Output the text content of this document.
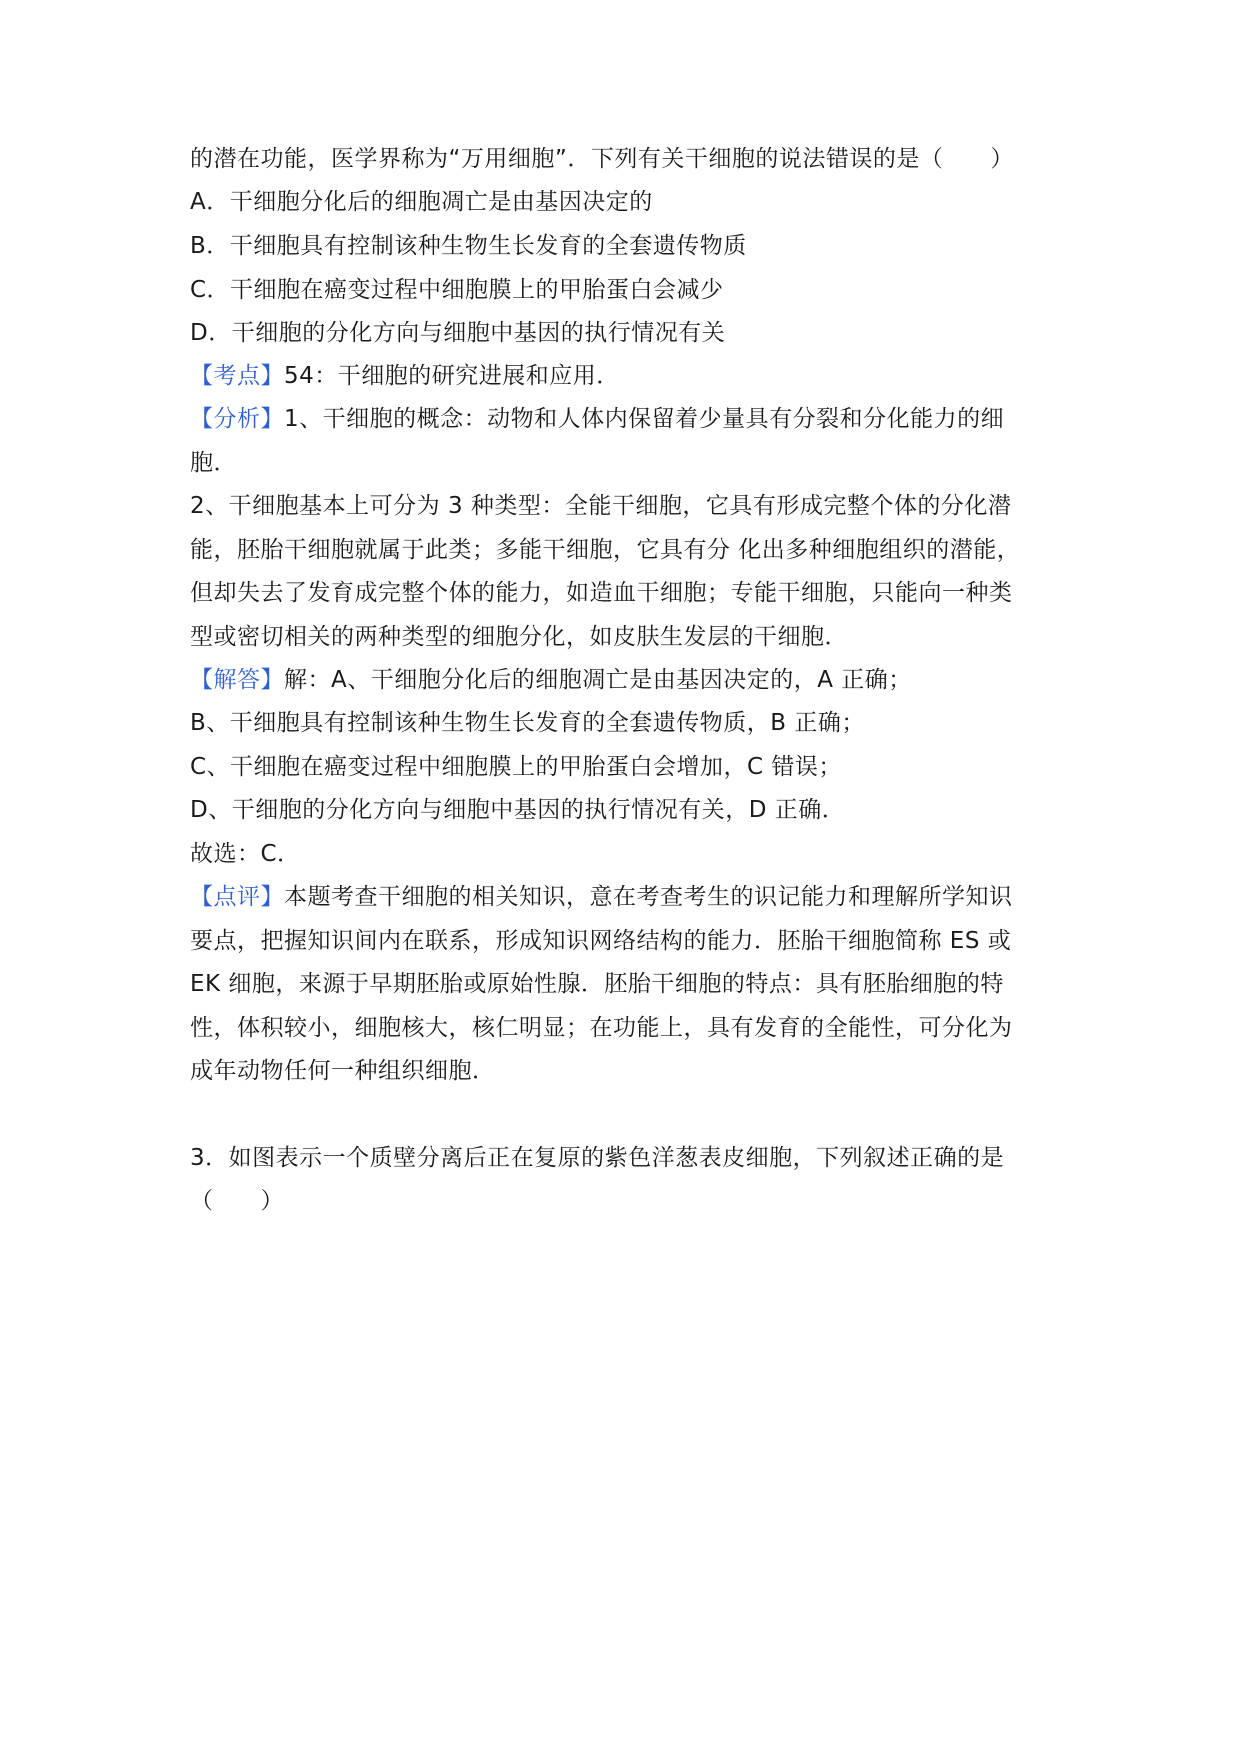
的潜在功能，医学界称为“万用细胞”．下列有关干细胞的说法错误的是（　　）
A．干细胞分化后的细胞凋亡是由基因决定的
B．干细胞具有控制该种生物生长发育的全套遗传物质
C．干细胞在癌变过程中细胞膜上的甲胎蛋白会减少
D．干细胞的分化方向与细胞中基因的执行情况有关
【考点】54：干细胞的研究进展和应用．
【分析】1、干细胞的概念：动物和人体内保留着少量具有分裂和分化能力的细
胞．
2、干细胞基本上可分为 3 种类型：全能干细胞，它具有形成完整个体的分化潜
能，胚胎干细胞就属于此类；多能干细胞，它具有分 化出多种细胞组织的潜能，
但却失去了发育成完整个体的能力，如造血干细胞；专能干细胞，只能向一种类
型或密切相关的两种类型的细胞分化，如皮肤生发层的干细胞．
【解答】解：A、干细胞分化后的细胞凋亡是由基因决定的，A 正确；
B、干细胞具有控制该种生物生长发育的全套遗传物质，B 正确；
C、干细胞在癌变过程中细胞膜上的甲胎蛋白会增加，C 错误；
D、干细胞的分化方向与细胞中基因的执行情况有关，D 正确．
故选：C．
【点评】本题考查干细胞的相关知识，意在考查考生的识记能力和理解所学知识
要点，把握知识间内在联系，形成知识网络结构的能力．胚胎干细胞简称 ES 或
EK 细胞，来源于早期胚胎或原始性腺．胚胎干细胞的特点：具有胚胎细胞的特
性，体积较小，细胞核大，核仁明显；在功能上，具有发育的全能性，可分化为
成年动物任何一种组织细胞．
3．如图表示一个质壁分离后正在复原的紫色洋葱表皮细胞，下列叙述正确的是
（　　）
